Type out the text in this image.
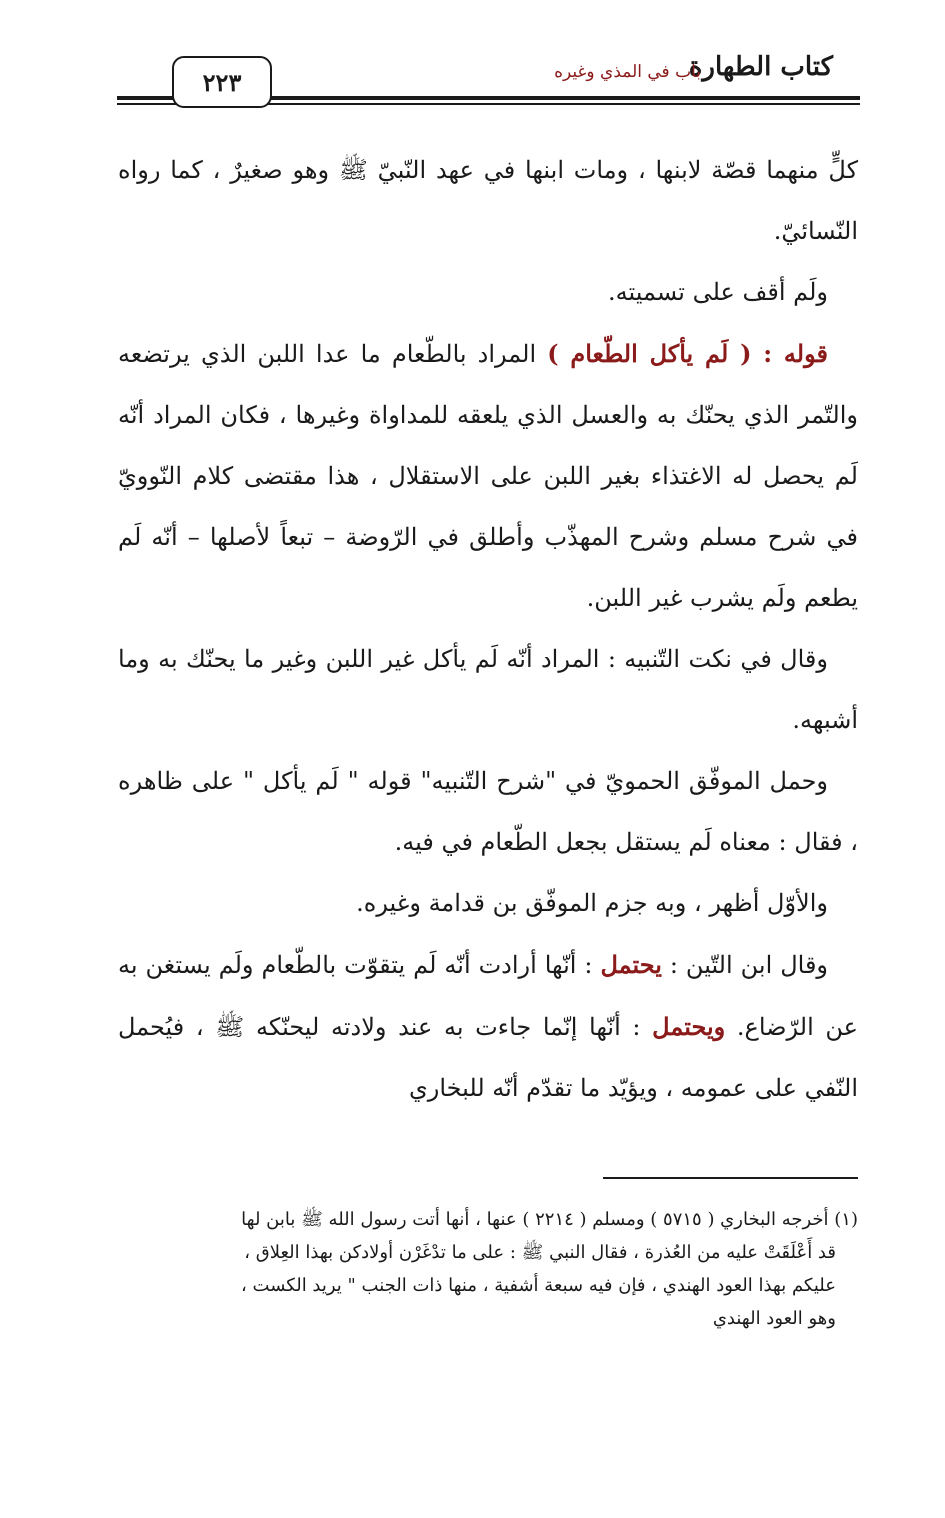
٢٢٣	كتاب الطهارة
باب في المذي وغيره

كلٍّ منهما قصّة لابنها ، ومات ابنها في عهد النّبيّ ﷺ وهو صغيرٌ ، كما رواه النّسائيّ.

ولَم أقف على تسميته.

قوله : ( لَم يأكل الطّعام ) المراد بالطّعام ما عدا اللبن الذي يرتضعه والتّمر الذي يحنّك به والعسل الذي يلعقه للمداواة وغيرها ، فكان المراد أنّه لَم يحصل له الاغتذاء بغير اللبن على الاستقلال ، هذا مقتضى كلام النّوويّ في شرح مسلم وشرح المهذّب وأطلق في الرّوضة – تبعاً لأصلها – أنّه لَم يطعم ولَم يشرب غير اللبن.

وقال في نكت التّنبيه : المراد أنّه لَم يأكل غير اللبن وغير ما يحنّك به وما أشبهه.

وحمل الموفّق الحمويّ في "شرح التّنبيه" قوله " لَم يأكل " على ظاهره ، فقال : معناه لَم يستقل بجعل الطّعام في فيه.

والأوّل أظهر ، وبه جزم الموفّق بن قدامة وغيره.

وقال ابن التّين : يحتمل : أنّها أرادت أنّه لَم يتقوّت بالطّعام ولَم يستغن به عن الرّضاع. ويحتمل : أنّها إنّما جاءت به عند ولادته ليحنّكه ﷺ ، فيُحمل النّفي على عمومه ، ويؤيّد ما تقدّم أنّه للبخاري

(١) أخرجه البخاري ( ٥٧١٥ ) ومسلم ( ٢٢١٤ ) عنها ، أنها أتت رسول الله ﷺ بابن لها

قد أَعْلَقَتْ عليه من العُذرة ، فقال النبي ﷺ : على ما تدْغَرْن أولادكن بهذا العِلاق ،

عليكم بهذا العود الهندي ، فإن فيه سبعة أشفية ، منها ذات الجنب " يريد الكست ،

وهو العود الهندي
